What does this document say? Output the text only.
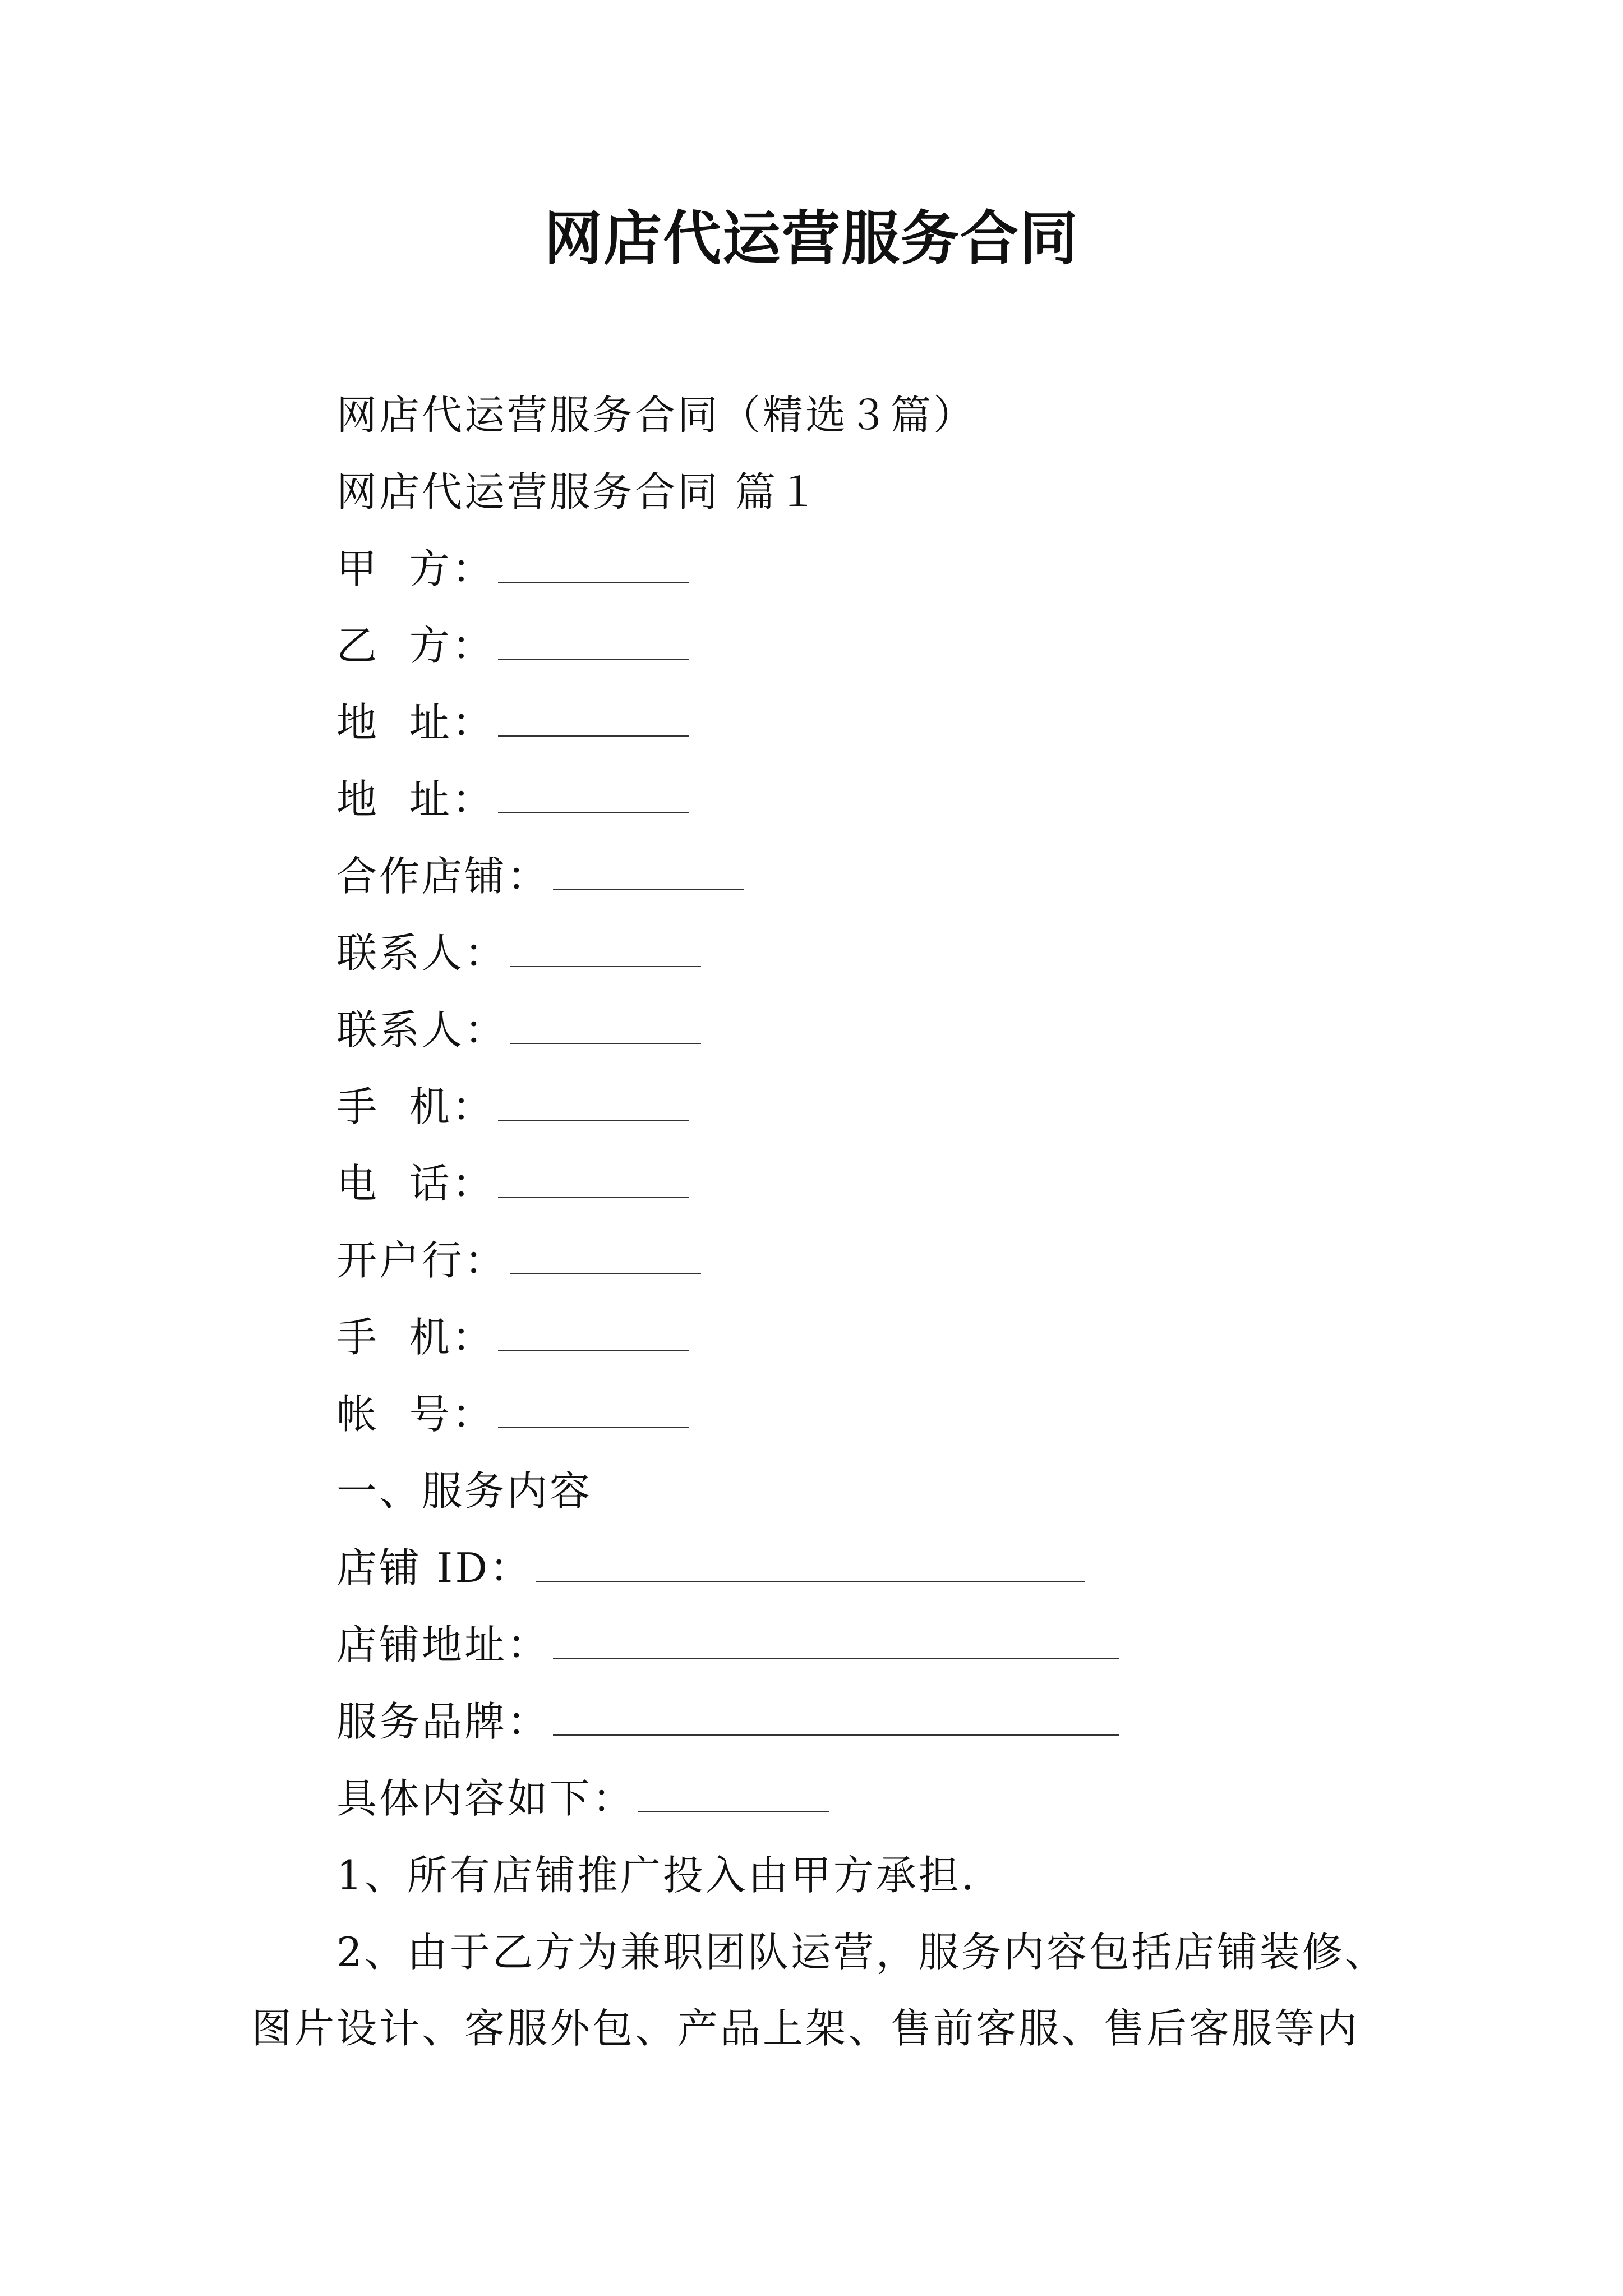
网店代运营服务合同
网店代运营服务合同（精选３篇）
网店代运营服务合同 篇１
甲  方：
乙  方：
地  址：
地  址：
合作店铺：
联系人：
联系人：
手  机：
电  话：
开户行：
手  机：
帐  号：
一、服务内容
店铺 ID：
店铺地址：
服务品牌：
具体内容如下：
1、所有店铺推广投入由甲方承担.
2、由于乙方为兼职团队运营，服务内容包括店铺装修、图片设计、客服外包、产品上架、售前客服、售后客服等内
